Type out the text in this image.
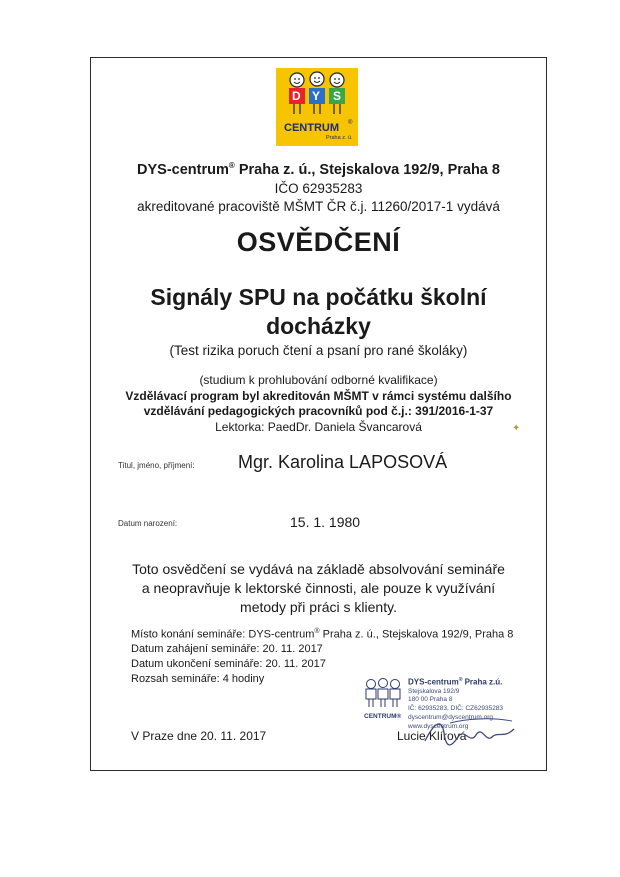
D Y S
CENTRUM ®
Praha z. ú.
DYS-centrum® Praha z. ú., Stejskalova 192/9, Praha 8
IČO 62935283
akreditované pracoviště MŠMT ČR č.j. 11260/2017-1 vydává
OSVĚDČENÍ
Signály SPU na počátku školní
docházky
(Test rizika poruch čtení a psaní pro rané školáky)
(studium k prohlubování odborné kvalifikace)
Vzdělávací program byl akreditován MŠMT v rámci systému dalšího
vzdělávání pedagogických pracovníků pod č.j.: 391/2016-1-37
Lektorka: PaedDr. Daniela Švancarová
Titul, jméno, příjmení: Mgr. Karolina LAPOSOVÁ
✦
Datum narození:	15. 1. 1980
Toto osvědčení se vydává na základě absolvování semináře
a neopravňuje k lektorské činnosti, ale pouze k využívání
metody při práci s klienty.
Místo konání semináře: DYS-centrum® Praha z. ú., Stejskalova 192/9, Praha 8
Datum zahájení semináře: 20. 11. 2017
Datum ukončení semináře: 20. 11. 2017
Rozsah semináře: 4 hodiny
CENTRUM®
DYS-centrum® Praha z.ú.
Stejskalova 192/9
180 00 Praha 8
IČ: 62935283, DIČ: CZ62935283
dyscentrum@dyscentrum.org
www.dyscentrum.org
V Praze dne 20. 11. 2017	Lucie Klírová
